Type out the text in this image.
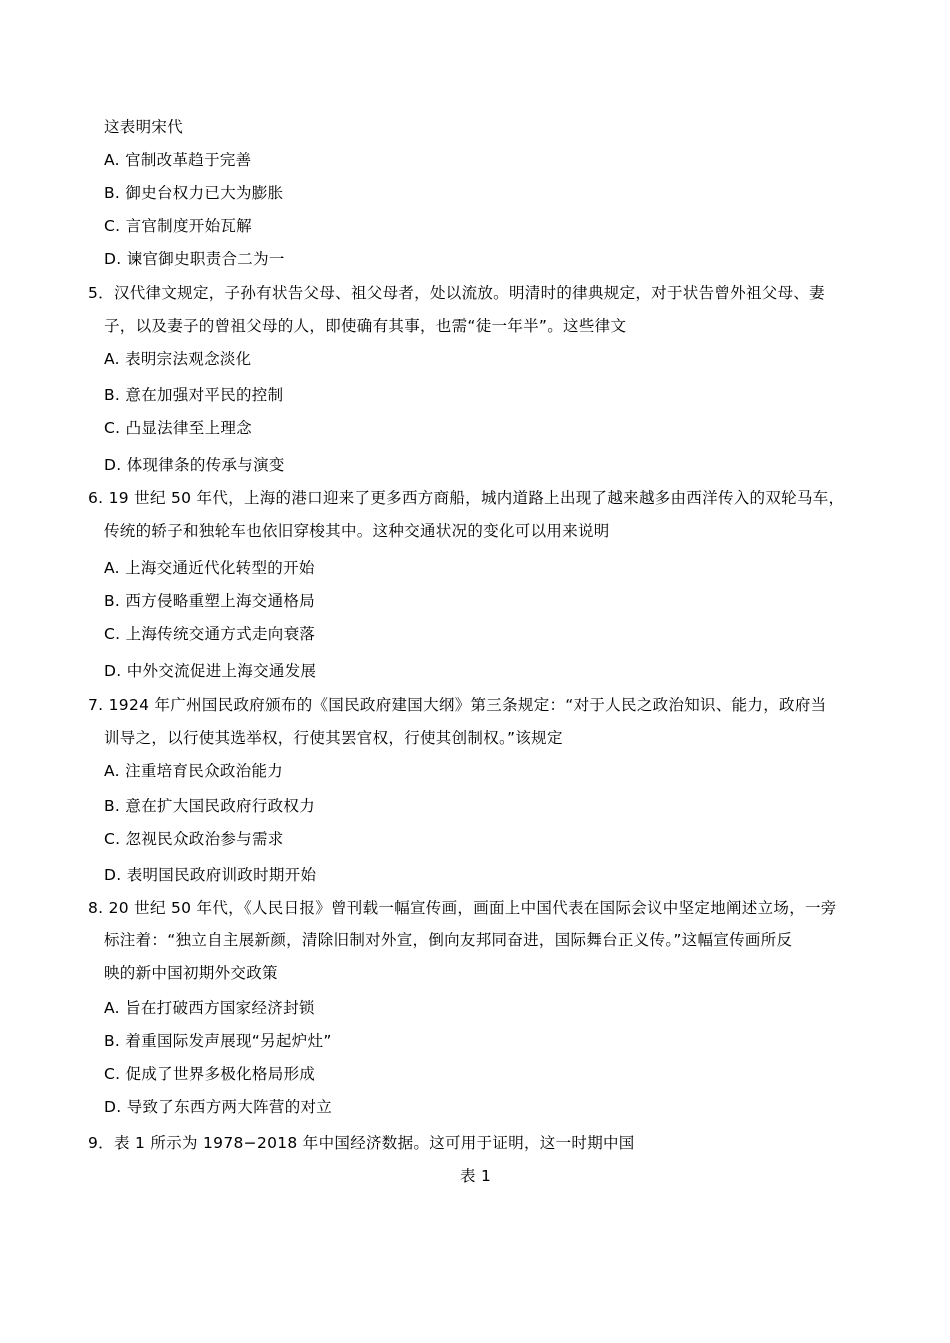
这表明宋代
A. 官制改革趋于完善
B. 御史台权力已大为膨胀
C. 言官制度开始瓦解
D. 谏官御史职责合二为一
5．汉代律文规定，子孙有状告父母、祖父母者，处以流放。明清时的律典规定，对于状告曾外祖父母、妻
子，以及妻子的曾祖父母的人，即使确有其事，也需“徒一年半”。这些律文
A. 表明宗法观念淡化
B. 意在加强对平民的控制
C. 凸显法律至上理念
D. 体现律条的传承与演变
6. 19 世纪 50 年代，上海的港口迎来了更多西方商船，城内道路上出现了越来越多由西洋传入的双轮马车，
传统的轿子和独轮车也依旧穿梭其中。这种交通状况的变化可以用来说明
A. 上海交通近代化转型的开始
B. 西方侵略重塑上海交通格局
C. 上海传统交通方式走向衰落
D. 中外交流促进上海交通发展
7. 1924 年广州国民政府颁布的《国民政府建国大纲》第三条规定：“对于人民之政治知识、能力，政府当
训导之，以行使其选举权，行使其罢官权，行使其创制权。”该规定
A. 注重培育民众政治能力
B. 意在扩大国民政府行政权力
C. 忽视民众政治参与需求
D. 表明国民政府训政时期开始
8. 20 世纪 50 年代，《人民日报》曾刊载一幅宣传画，画面上中国代表在国际会议中坚定地阐述立场，一旁
标注着：“独立自主展新颜，清除旧制对外宣，倒向友邦同奋进，国际舞台正义传。”这幅宣传画所反
映的新中国初期外交政策
A. 旨在打破西方国家经济封锁
B. 着重国际发声展现“另起炉灶”
C. 促成了世界多极化格局形成
D. 导致了东西方两大阵营的对立
9．表 1 所示为 1978−2018 年中国经济数据。这可用于证明，这一时期中国
表 1
